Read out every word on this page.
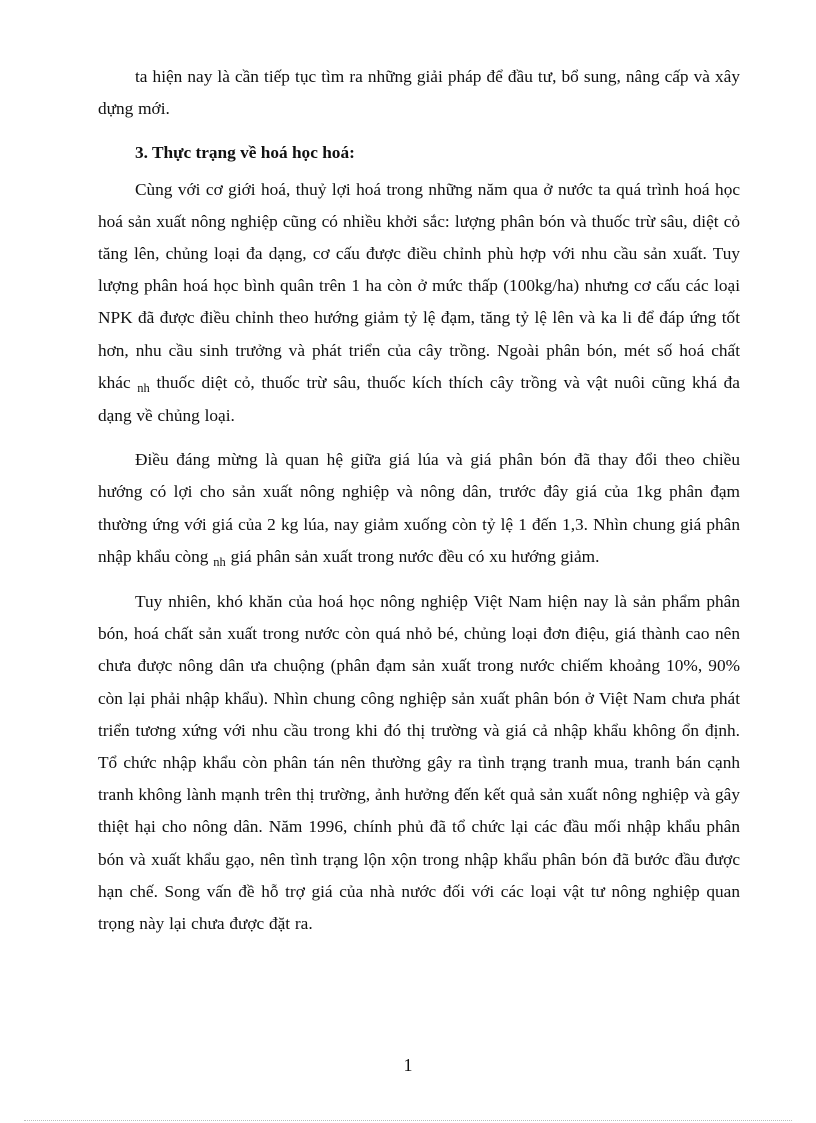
ta hiện nay là cần tiếp tục tìm ra những giải pháp để đầu tư, bổ sung, nâng cấp và xây dựng mới.

3. Thực trạng về hoá học hoá:

Cùng với cơ giới hoá, thuỷ lợi hoá trong những năm qua ở nước ta quá trình hoá học hoá sản xuất nông nghiệp cũng có nhiều khởi sắc: lượng phân bón và thuốc trừ sâu, diệt cỏ tăng lên, chủng loại đa dạng, cơ cấu được điều chỉnh phù hợp với nhu cầu sản xuất. Tuy lượng phân hoá học bình quân trên 1 ha còn ở mức thấp (100kg/ha) nhưng cơ cấu các loại NPK đã được điều chỉnh theo hướng giảm tỷ lệ đạm, tăng tỷ lệ lên và ka li để đáp ứng tốt hơn, nhu cầu sinh trưởng và phát triển của cây trồng. Ngoài phân bón, mét số hoá chất khác $_{nh}$ thuốc diệt cỏ, thuốc trừ sâu, thuốc kích thích cây trồng và vật nuôi cũng khá đa dạng về chủng loại.

Điều đáng mừng là quan hệ giữa giá lúa và giá phân bón đã thay đổi theo chiều hướng có lợi cho sản xuất nông nghiệp và nông dân, trước đây giá của 1kg phân đạm thường ứng với giá của 2 kg lúa, nay giảm xuống còn tỷ lệ 1 đến 1,3. Nhìn chung giá phân nhập khẩu còng $_{nh}$ giá phân sản xuất trong nước đều có xu hướng giảm.

Tuy nhiên, khó khăn của hoá học nông nghiệp Việt Nam hiện nay là sản phẩm phân bón, hoá chất sản xuất trong nước còn quá nhỏ bé, chủng loại đơn điệu, giá thành cao nên chưa được nông dân ưa chuộng (phân đạm sản xuất trong nước chiếm khoảng 10%, 90% còn lại phải nhập khẩu). Nhìn chung công nghiệp sản xuất phân bón ở Việt Nam chưa phát triển tương xứng với nhu cầu trong khi đó thị trường và giá cả nhập khẩu không ổn định. Tổ chức nhập khẩu còn phân tán nên thường gây ra tình trạng tranh mua, tranh bán cạnh tranh không lành mạnh trên thị trường, ảnh hưởng đến kết quả sản xuất nông nghiệp và gây thiệt hại cho nông dân. Năm 1996, chính phủ đã tổ chức lại các đầu mối nhập khẩu phân bón và xuất khẩu gạo, nên tình trạng lộn xộn trong nhập khẩu phân bón đã bước đầu được hạn chế. Song vấn đề hỗ trợ giá của nhà nước đối với các loại vật tư nông nghiệp quan trọng này lại chưa được đặt ra.

1
